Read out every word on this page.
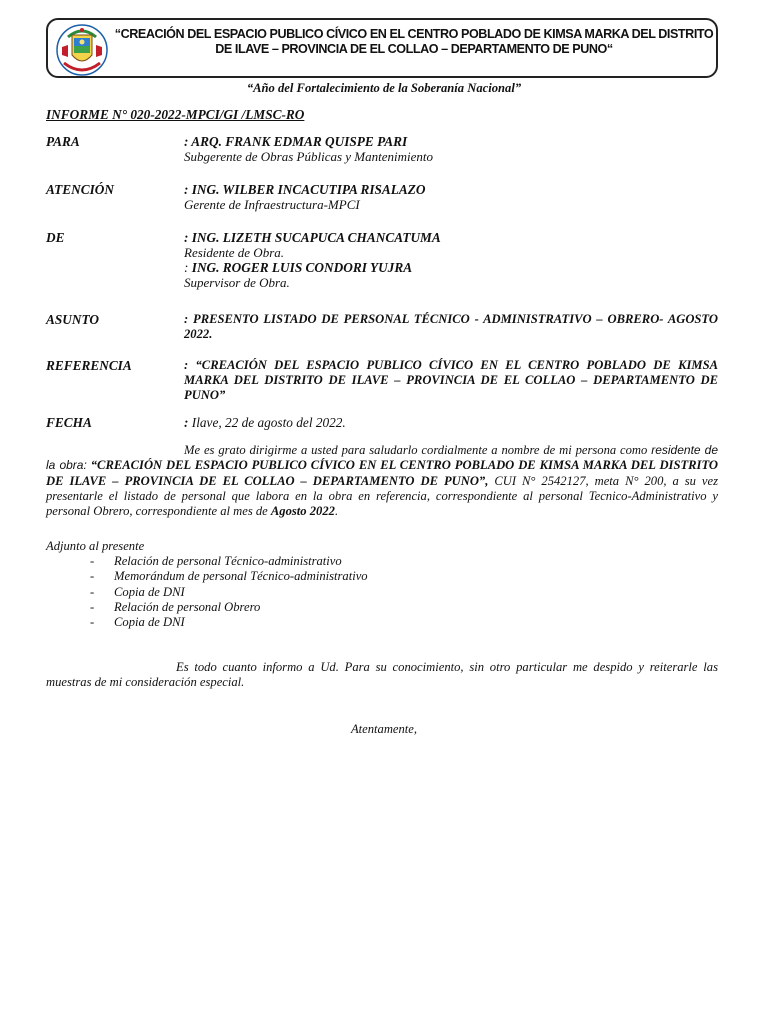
“CREACIÓN DEL ESPACIO PUBLICO CÍVICO EN EL CENTRO POBLADO DE KIMSA MARKA DEL DISTRITO DE ILAVE – PROVINCIA DE EL COLLAO – DEPARTAMENTO DE PUNO“
“Año del Fortalecimiento de la Soberanía Nacional”
INFORME N° 020-2022-MPCI/GI /LMSC-RO
PARA	: ARQ. FRANK EDMAR QUISPE PARI
Subgerente de Obras Públicas y Mantenimiento
ATENCIÓN	: ING. WILBER INCACUTIPA RISALAZO
Gerente de Infraestructura-MPCI
DE	: ING. LIZETH SUCAPUCA CHANCATUMA
Residente de Obra.
: ING. ROGER LUIS CONDORI YUJRA
Supervisor de Obra.
ASUNTO	: PRESENTO LISTADO DE PERSONAL TÉCNICO - ADMINISTRATIVO – OBRERO- AGOSTO 2022.
REFERENCIA	: “CREACIÓN DEL ESPACIO PUBLICO CÍVICO EN EL CENTRO POBLADO DE KIMSA MARKA DEL DISTRITO DE ILAVE – PROVINCIA DE EL COLLAO – DEPARTAMENTO DE PUNO”
FECHA	: Ilave, 22 de agosto del 2022.
Me es grato dirigirme a usted para saludarlo cordialmente a nombre de mi persona como residente de la obra: “CREACIÓN DEL ESPACIO PUBLICO CÍVICO EN EL CENTRO POBLADO DE KIMSA MARKA DEL DISTRITO DE ILAVE – PROVINCIA DE EL COLLAO – DEPARTAMENTO DE PUNO”, CUI N° 2542127, meta N° 200, a su vez presentarle el listado de personal que labora en la obra en referencia, correspondiente al personal Tecnico-Administrativo y personal Obrero, correspondiente al mes de Agosto 2022.
Adjunto al presente
- Relación de personal Técnico-administrativo
- Memorándum de personal Técnico-administrativo
- Copia de DNI
- Relación de personal Obrero
- Copia de DNI
Es todo cuanto informo a Ud. Para su conocimiento, sin otro particular me despido y reiterarle las muestras de mi consideración especial.
Atentamente,
